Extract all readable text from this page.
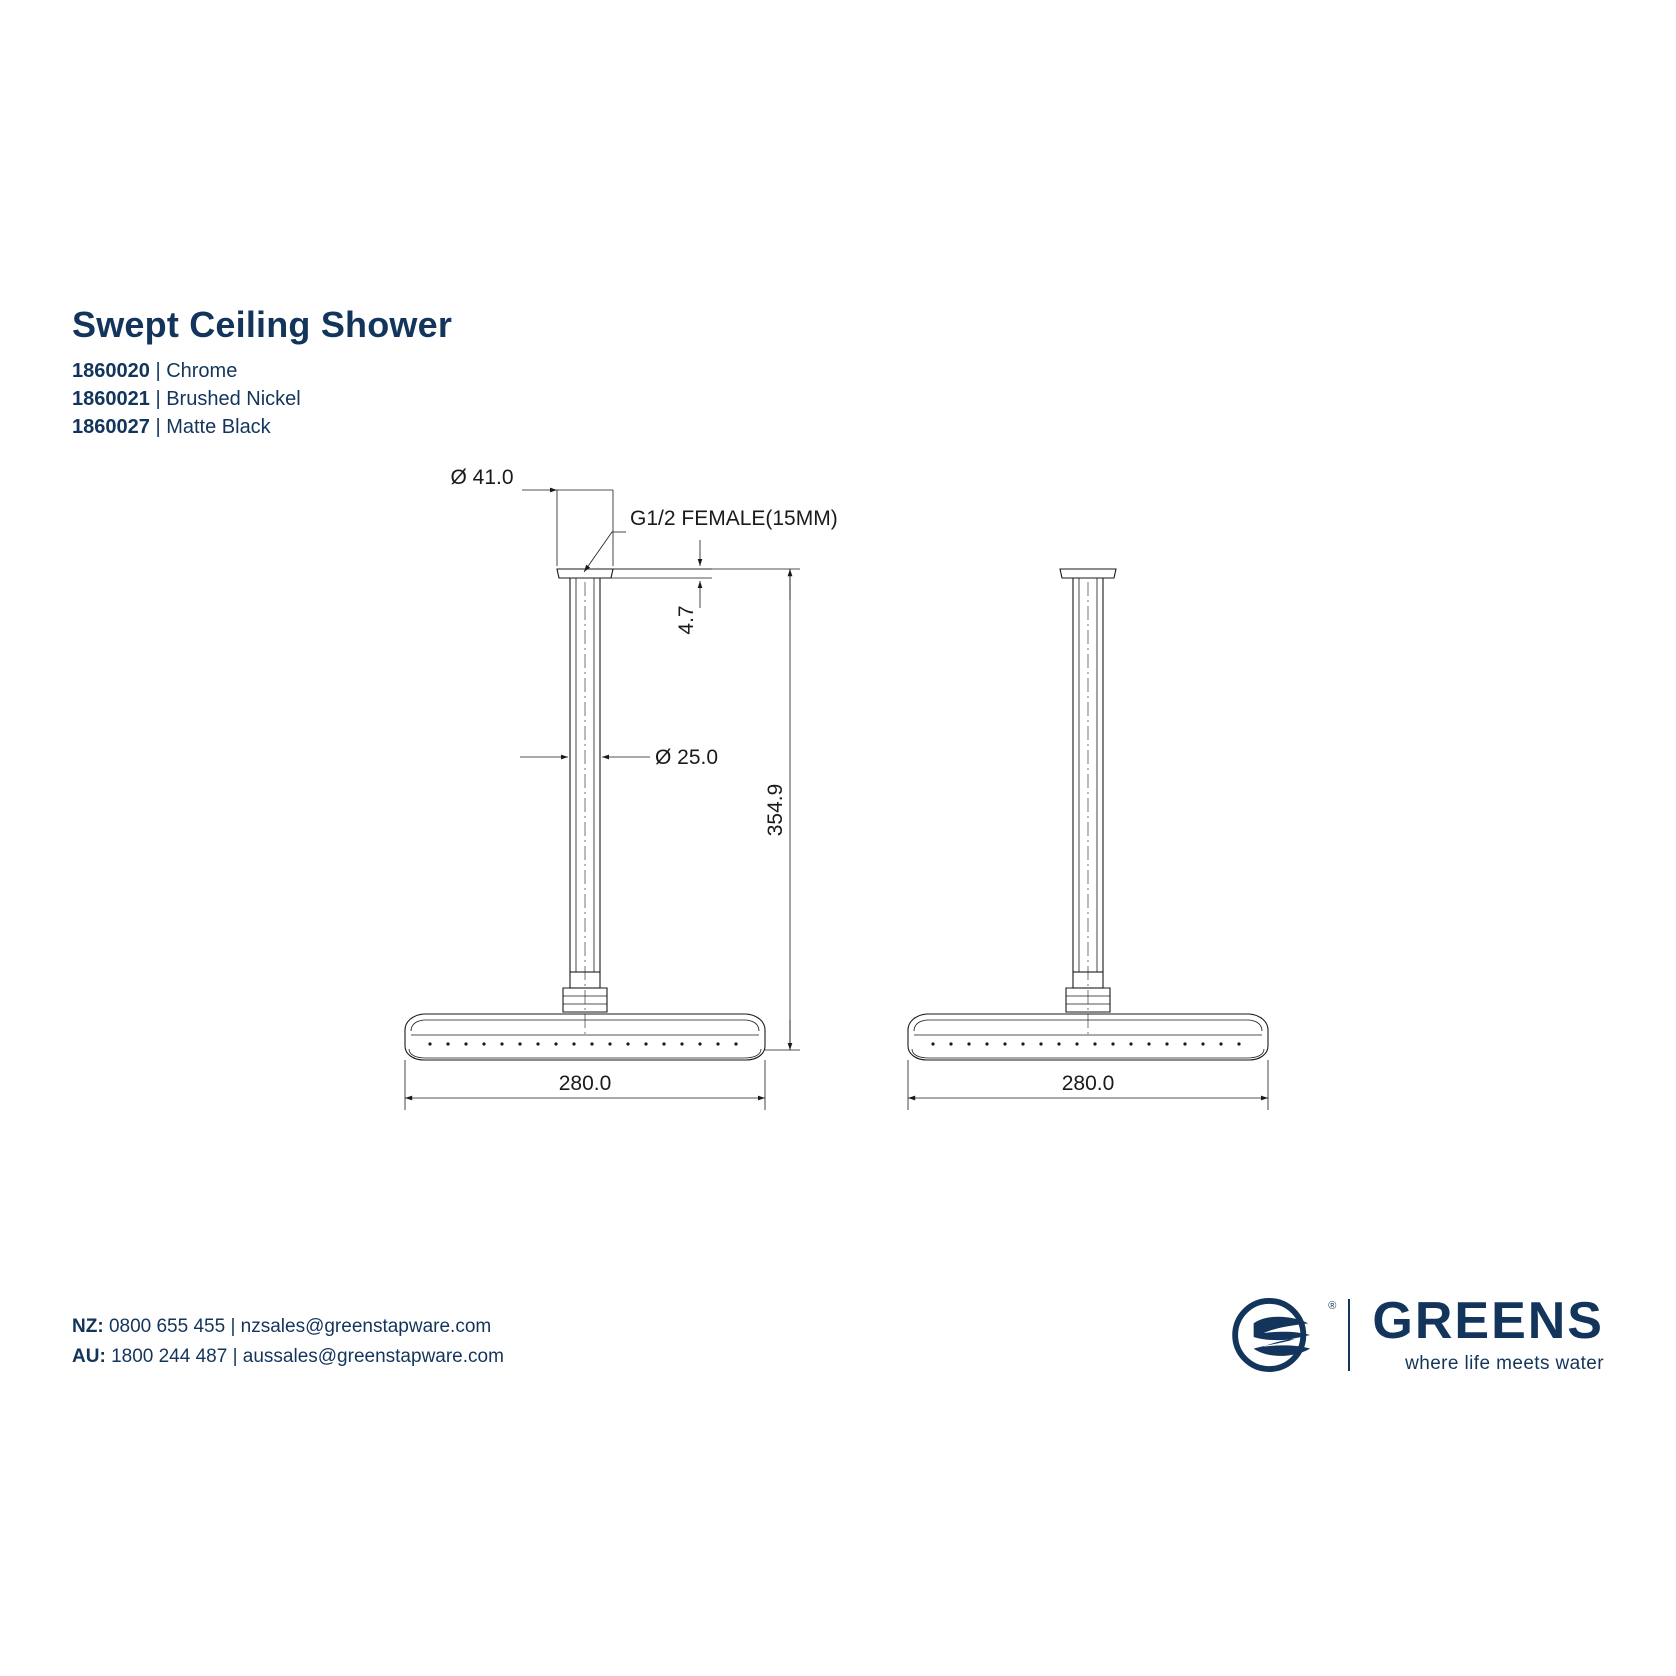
Swept Ceiling Shower
1860020 | Chrome
1860021 | Brushed Nickel
1860027 | Matte Black
Ø 41.0
G1/2 FEMALE(15MM)
4.7
Ø 25.0
354.9
280.0	280.0
NZ: 0800 655 455 | nzsales@greenstapware.com
AU: 1800 244 487 | aussales@greenstapware.com
® GREENS
where life meets water
